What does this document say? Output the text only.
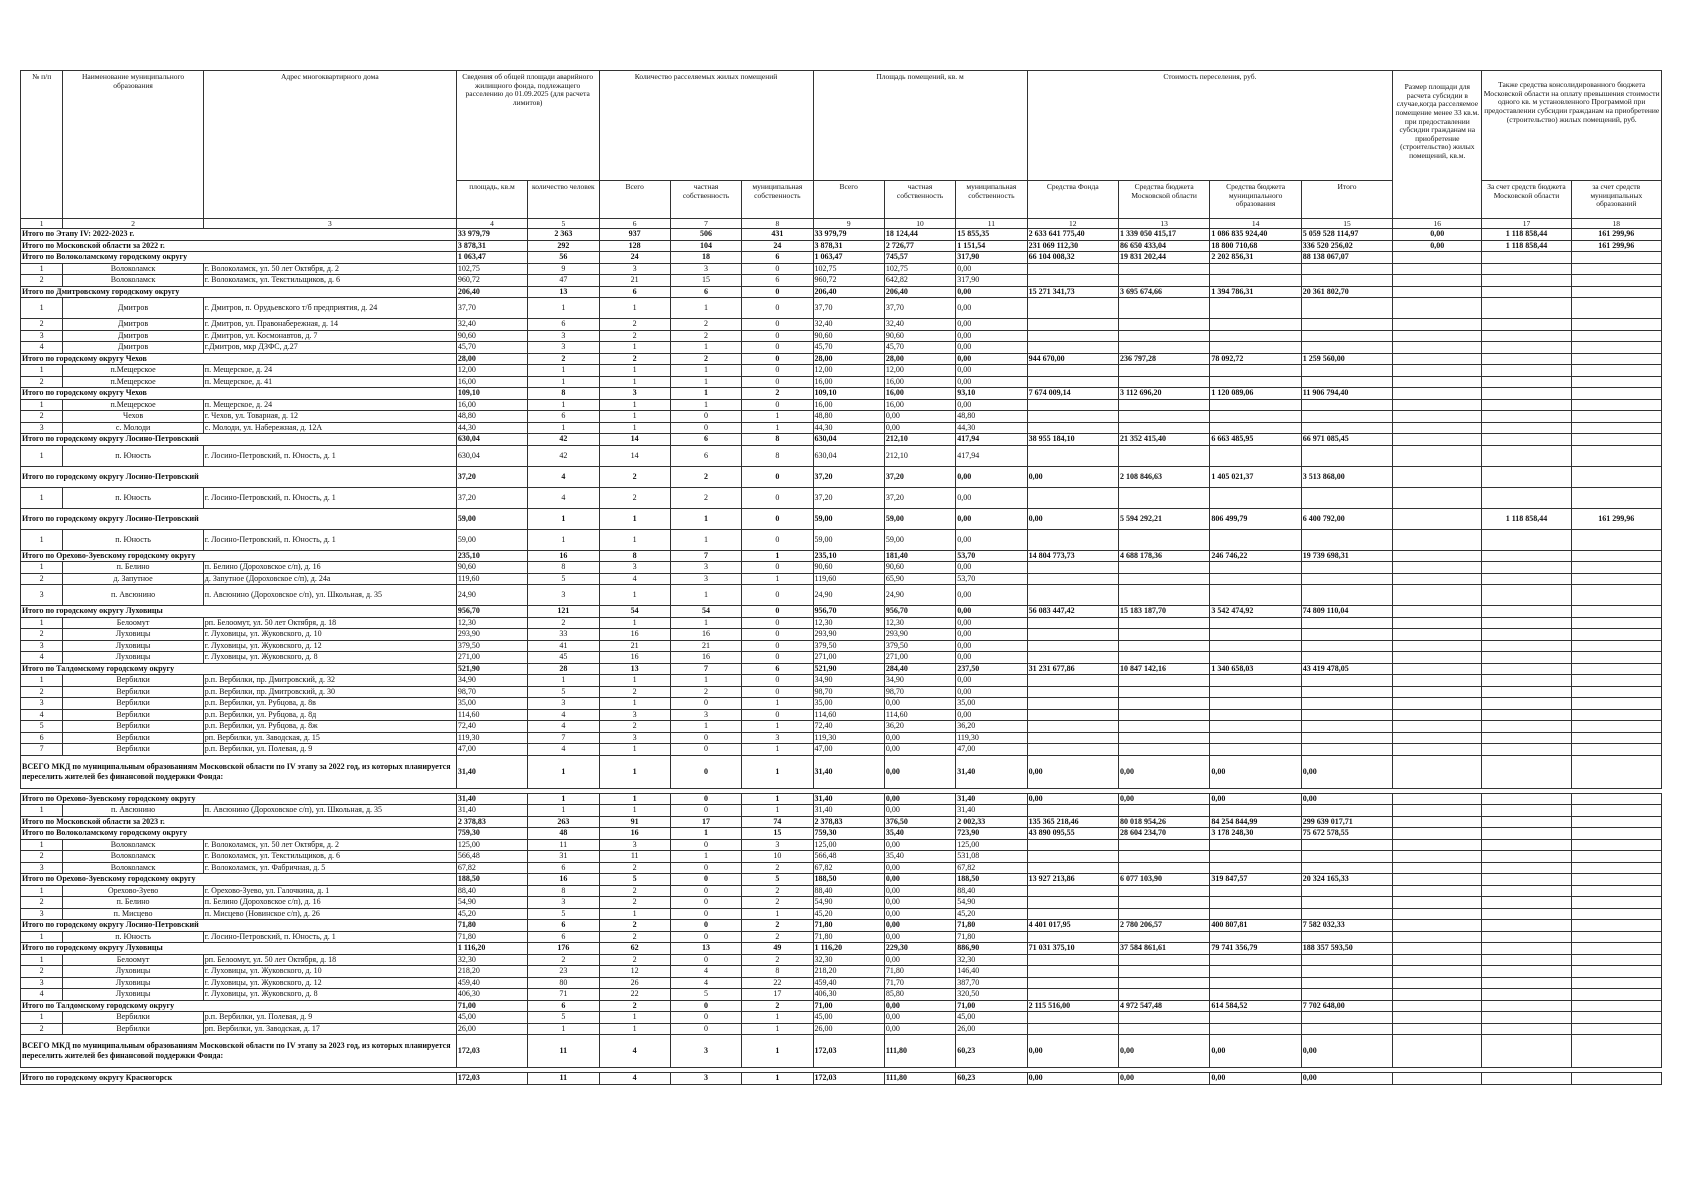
№ п/п	Наименование муниципального образования	Адрес многоквартирного дома	Сведения об общей площади аварийного жилищного фонда, подлежащего расселению до 01.09.2025 (для расчета лимитов)		Количество расселяемых жилых помещений			Площадь помещений, кв. м			Стоимость переселения, руб.				Размер площади для расчета субсидии в случае,когда расселяемое помещение менее 33 кв.м. при предоставлении субсидии гражданам на приобретение (строительство) жилых помещений, кв.м.	Также средства консолидированного бюджета Московской области на оплату превышения стоимости одного кв. м установленного Программой при предоставлении субсидии гражданам на приобретение (строительство) жилых помещений, руб.	
			площадь, кв.м	количество человек	Всего	частная собственность	муниципальная собственность	Всего	частная собственность	муниципальная собственность	Средства Фонда	Средства бюджета Московской области	Средства бюджета муниципального образования	Итого		За счет средств бюджета Московской области	за счет средств муниципальных образований
1	2	3	4	5	6	7	8	9	10	11	12	13	14	15	16	17	18
Итого по Этапу IV: 2022-2023 г.			33 979,79	2 363	937	506	431	33 979,79	18 124,44	15 855,35	2 633 641 775,40	1 339 050 415,17	1 086 835 924,40	5 059 528 114,97	0,00	1 118 858,44	161 299,96
Итого по Московской области за 2022 г.			3 878,31	292	128	104	24	3 878,31	2 726,77	1 151,54	231 069 112,30	86 650 433,04	18 800 710,68	336 520 256,02	0,00	1 118 858,44	161 299,96
Итого по Волоколамскому городскому округу			1 063,47	56	24	18	6	1 063,47	745,57	317,90	66 104 008,32	19 831 202,44	2 202 856,31	88 138 067,07			
1	Волоколамск	г. Волоколамск, ул. 50 лет Октября, д. 2	102,75	9	3	3	0	102,75	102,75	0,00							
2	Волоколамск	г. Волоколамск, ул. Текстильщиков, д. 6	960,72	47	21	15	6	960,72	642,82	317,90							
Итого по Дмитровскому городскому округу			206,40	13	6	6	0	206,40	206,40	0,00	15 271 341,73	3 695 674,66	1 394 786,31	20 361 802,70			
1	Дмитров	г. Дмитров, п. Орудьевского т/б предприятия, д. 24	37,70	1	1	1	0	37,70	37,70	0,00							
2	Дмитров	г. Дмитров, ул. Правонабережная, д. 14	32,40	6	2	2	0	32,40	32,40	0,00							
3	Дмитров	г. Дмитров, ул. Космонавтов, д. 7	90,60	3	2	2	0	90,60	90,60	0,00							
4	Дмитров	г.Дмитров, мкр ДЗФС, д.27	45,70	3	1	1	0	45,70	45,70	0,00							
Итого по городскому округу Чехов			28,00	2	2	2	0	28,00	28,00	0,00	944 670,00	236 797,28	78 092,72	1 259 560,00			
1	п.Мещерское	п. Мещерское, д. 24	12,00	1	1	1	0	12,00	12,00	0,00							
2	п.Мещерское	п. Мещерское, д. 41	16,00	1	1	1	0	16,00	16,00	0,00							
Итого по городскому округу Чехов			109,10	8	3	1	2	109,10	16,00	93,10	7 674 009,14	3 112 696,20	1 120 089,06	11 906 794,40			
1	п.Мещерское	п. Мещерское, д. 24	16,00	1	1	1	0	16,00	16,00	0,00							
2	Чехов	г. Чехов, ул. Товарная, д. 12	48,80	6	1	0	1	48,80	0,00	48,80							
3	с. Молоди	с. Молоди, ул. Набережная, д. 12А	44,30	1	1	0	1	44,30	0,00	44,30							
Итого по городскому округу Лосино-Петровский			630,04	42	14	6	8	630,04	212,10	417,94	38 955 184,10	21 352 415,40	6 663 485,95	66 971 085,45			
1	п. Юность	г. Лосино-Петровский, п. Юность, д. 1	630,04	42	14	6	8	630,04	212,10	417,94							
Итого по городскому округу Лосино-Петровский			37,20	4	2	2	0	37,20	37,20	0,00	0,00	2 108 846,63	1 405 021,37	3 513 868,00			
1	п. Юность	г. Лосино-Петровский, п. Юность, д. 1	37,20	4	2	2	0	37,20	37,20	0,00							
Итого по городскому округу Лосино-Петровский			59,00	1	1	1	0	59,00	59,00	0,00	0,00	5 594 292,21	806 499,79	6 400 792,00		1 118 858,44	161 299,96
1	п. Юность	г. Лосино-Петровский, п. Юность, д. 1	59,00	1	1	1	0	59,00	59,00	0,00							
Итого по Орехово-Зуевскому городскому округу			235,10	16	8	7	1	235,10	181,40	53,70	14 804 773,73	4 688 178,36	246 746,22	19 739 698,31			
1	п. Белино	п. Белино (Дороховское с/п), д. 16	90,60	8	3	3	0	90,60	90,60	0,00							
2	д. Запутное	д. Запутное (Дороховское с/п), д. 24а	119,60	5	4	3	1	119,60	65,90	53,70							
3	п. Авсюнино	п. Авсюнино (Дороховское с/п), ул. Школьная, д. 35	24,90	3	1	1	0	24,90	24,90	0,00							
Итого по городскому округу Луховицы			956,70	121	54	54	0	956,70	956,70	0,00	56 083 447,42	15 183 187,70	3 542 474,92	74 809 110,04			
1	Белоомут	рп. Белоомут, ул. 50 лет Октября, д. 18	12,30	2	1	1	0	12,30	12,30	0,00							
2	Луховицы	г. Луховицы, ул. Жуковского, д. 10	293,90	33	16	16	0	293,90	293,90	0,00							
3	Луховицы	г. Луховицы, ул. Жуковского, д. 12	379,50	41	21	21	0	379,50	379,50	0,00							
4	Луховицы	г. Луховицы, ул. Жуковского, д. 8	271,00	45	16	16	0	271,00	271,00	0,00							
Итого по Талдомскому городскому округу			521,90	28	13	7	6	521,90	284,40	237,50	31 231 677,86	10 847 142,16	1 340 658,03	43 419 478,05			
1	Вербилки	р.п. Вербилки, пр. Дмитровский, д. 32	34,90	1	1	1	0	34,90	34,90	0,00							
2	Вербилки	р.п. Вербилки, пр. Дмитровский, д. 30	98,70	5	2	2	0	98,70	98,70	0,00							
3	Вербилки	р.п. Вербилки, ул. Рубцова, д. 8в	35,00	3	1	0	1	35,00	0,00	35,00							
4	Вербилки	р.п. Вербилки, ул. Рубцова, д. 8д	114,60	4	3	3	0	114,60	114,60	0,00							
5	Вербилки	р.п. Вербилки, ул. Рубцова, д. 8ж	72,40	4	2	1	1	72,40	36,20	36,20							
6	Вербилки	рп. Вербилки, ул. Заводская, д. 15	119,30	7	3	0	3	119,30	0,00	119,30							
7	Вербилки	р.п. Вербилки, ул. Полевая, д. 9	47,00	4	1	0	1	47,00	0,00	47,00							
ВСЕГО МКД по муниципальным образованиям Московской области по IV этапу за 2022 год, из которых планируется переселить жителей без финансовой поддержки Фонда:			31,40	1	1	0	1	31,40	0,00	31,40	0,00	0,00	0,00	0,00			

Итого по Орехово-Зуевскому городскому округу			31,40	1	1	0	1	31,40	0,00	31,40	0,00	0,00	0,00	0,00			
1	п. Авсюнино	п. Авсюнино (Дороховское с/п), ул. Школьная, д. 35	31,40	1	1	0	1	31,40	0,00	31,40							
Итого по Московской области за 2023 г.			2 378,83	263	91	17	74	2 378,83	376,50	2 002,33	135 365 218,46	80 018 954,26	84 254 844,99	299 639 017,71			
Итого по Волоколамскому городскому округу			759,30	48	16	1	15	759,30	35,40	723,90	43 890 095,55	28 604 234,70	3 178 248,30	75 672 578,55			
1	Волоколамск	г. Волоколамск, ул. 50 лет Октября, д. 2	125,00	11	3	0	3	125,00	0,00	125,00							
2	Волоколамск	г. Волоколамск, ул. Текстильщиков, д. 6	566,48	31	11	1	10	566,48	35,40	531,08							
3	Волоколамск	г. Волоколамск, ул. Фабричная, д. 5	67,82	6	2	0	2	67,82	0,00	67,82							
Итого по Орехово-Зуевскому городскому округу			188,50	16	5	0	5	188,50	0,00	188,50	13 927 213,86	6 077 103,90	319 847,57	20 324 165,33			
1	Орехово-Зуево	г. Орехово-Зуево, ул. Галочкина, д. 1	88,40	8	2	0	2	88,40	0,00	88,40							
2	п. Белино	п. Белино (Дороховское с/п), д. 16	54,90	3	2	0	2	54,90	0,00	54,90							
3	п. Мисцево	п. Мисцево (Новинское с/п), д. 26	45,20	5	1	0	1	45,20	0,00	45,20							
Итого по городскому округу Лосино-Петровский			71,80	6	2	0	2	71,80	0,00	71,80	4 401 017,95	2 780 206,57	400 807,81	7 582 032,33			
1	п. Юность	г. Лосино-Петровский, п. Юность, д. 1	71,80	6	2	0	2	71,80	0,00	71,80							
Итого по городскому округу Луховицы			1 116,20	176	62	13	49	1 116,20	229,30	886,90	71 031 375,10	37 584 861,61	79 741 356,79	188 357 593,50			
1	Белоомут	рп. Белоомут, ул. 50 лет Октября, д. 18	32,30	2	2	0	2	32,30	0,00	32,30							
2	Луховицы	г. Луховицы, ул. Жуковского, д. 10	218,20	23	12	4	8	218,20	71,80	146,40							
3	Луховицы	г. Луховицы, ул. Жуковского, д. 12	459,40	80	26	4	22	459,40	71,70	387,70							
4	Луховицы	г. Луховицы, ул. Жуковского, д. 8	406,30	71	22	5	17	406,30	85,80	320,50							
Итого по Талдомскому городскому округу			71,00	6	2	0	2	71,00	0,00	71,00	2 115 516,00	4 972 547,48	614 584,52	7 702 648,00			
1	Вербилки	р.п. Вербилки, ул. Полевая, д. 9	45,00	5	1	0	1	45,00	0,00	45,00							
2	Вербилки	рп. Вербилки, ул. Заводская, д. 17	26,00	1	1	0	1	26,00	0,00	26,00							
ВСЕГО МКД по муниципальным образованиям Московской области по IV этапу за 2023 год, из которых планируется переселить жителей без финансовой поддержки Фонда:			172,03	11	4	3	1	172,03	111,80	60,23	0,00	0,00	0,00	0,00			

Итого по городскому округу Красногорск			172,03	11	4	3	1	172,03	111,80	60,23	0,00	0,00	0,00	0,00			
